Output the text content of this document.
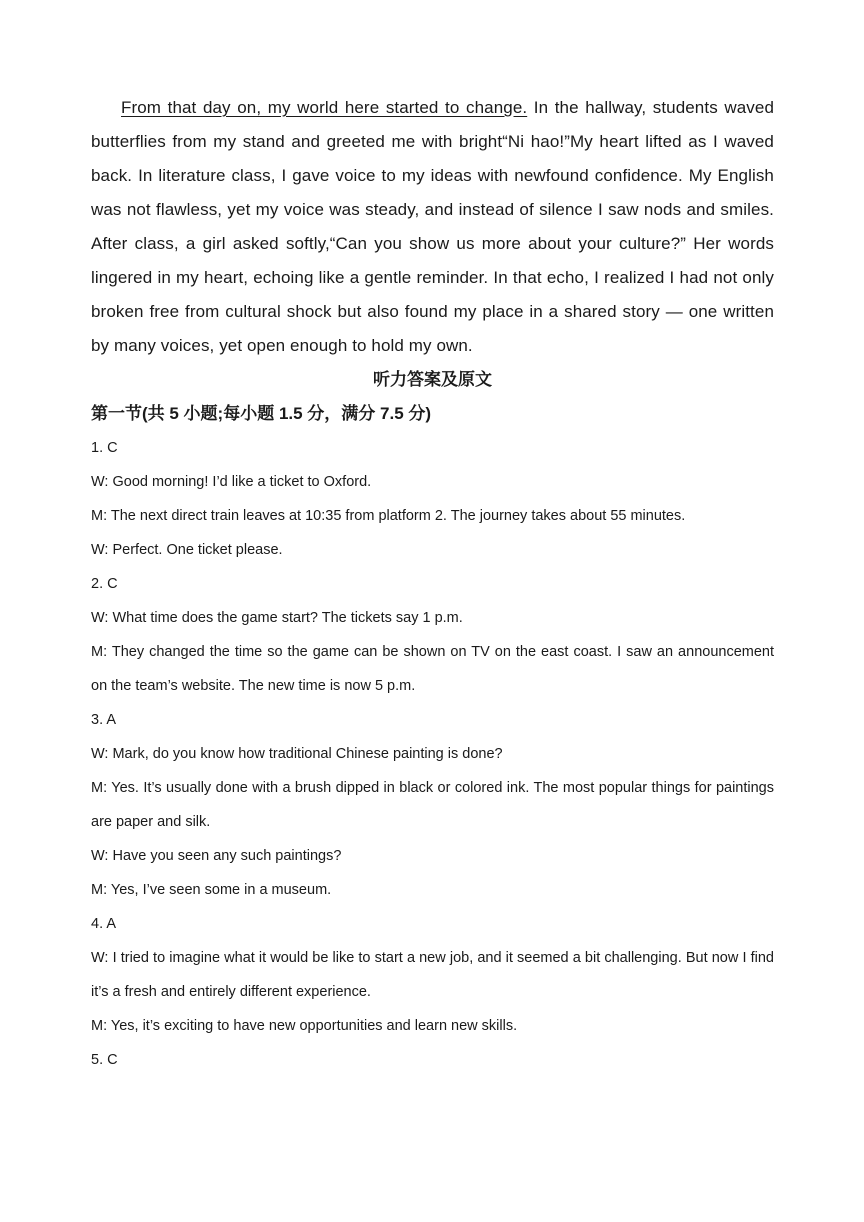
From that day on, my world here started to change. In the hallway, students waved butterflies from my stand and greeted me with bright“Ni hao!”My heart lifted as I waved back. In literature class, I gave voice to my ideas with newfound confidence. My English was not flawless, yet my voice was steady, and instead of silence I saw nods and smiles. After class, a girl asked softly,“Can you show us more about your culture?” Her words lingered in my heart, echoing like a gentle reminder. In that echo, I realized I had not only broken free from cultural shock but also found my place in a shared story — one written by many voices, yet open enough to hold my own.

听力答案及原文

第一节(共 5 小题;每小题 1.5 分，满分 7.5 分)

1. C

W: Good morning! I’d like a ticket to Oxford.

M: The next direct train leaves at 10:35 from platform 2. The journey takes about 55 minutes.

W: Perfect. One ticket please.

2. C

W: What time does the game start? The tickets say 1 p.m.

M: They changed the time so the game can be shown on TV on the east coast. I saw an announcement on the team’s website. The new time is now 5 p.m.

3. A

W: Mark, do you know how traditional Chinese painting is done?

M: Yes. It’s usually done with a brush dipped in black or colored ink. The most popular things for paintings are paper and silk.

W: Have you seen any such paintings?

M: Yes, I’ve seen some in a museum.

4. A

W: I tried to imagine what it would be like to start a new job, and it seemed a bit challenging. But now I find it’s a fresh and entirely different experience.

M: Yes, it’s exciting to have new opportunities and learn new skills.

5. C
